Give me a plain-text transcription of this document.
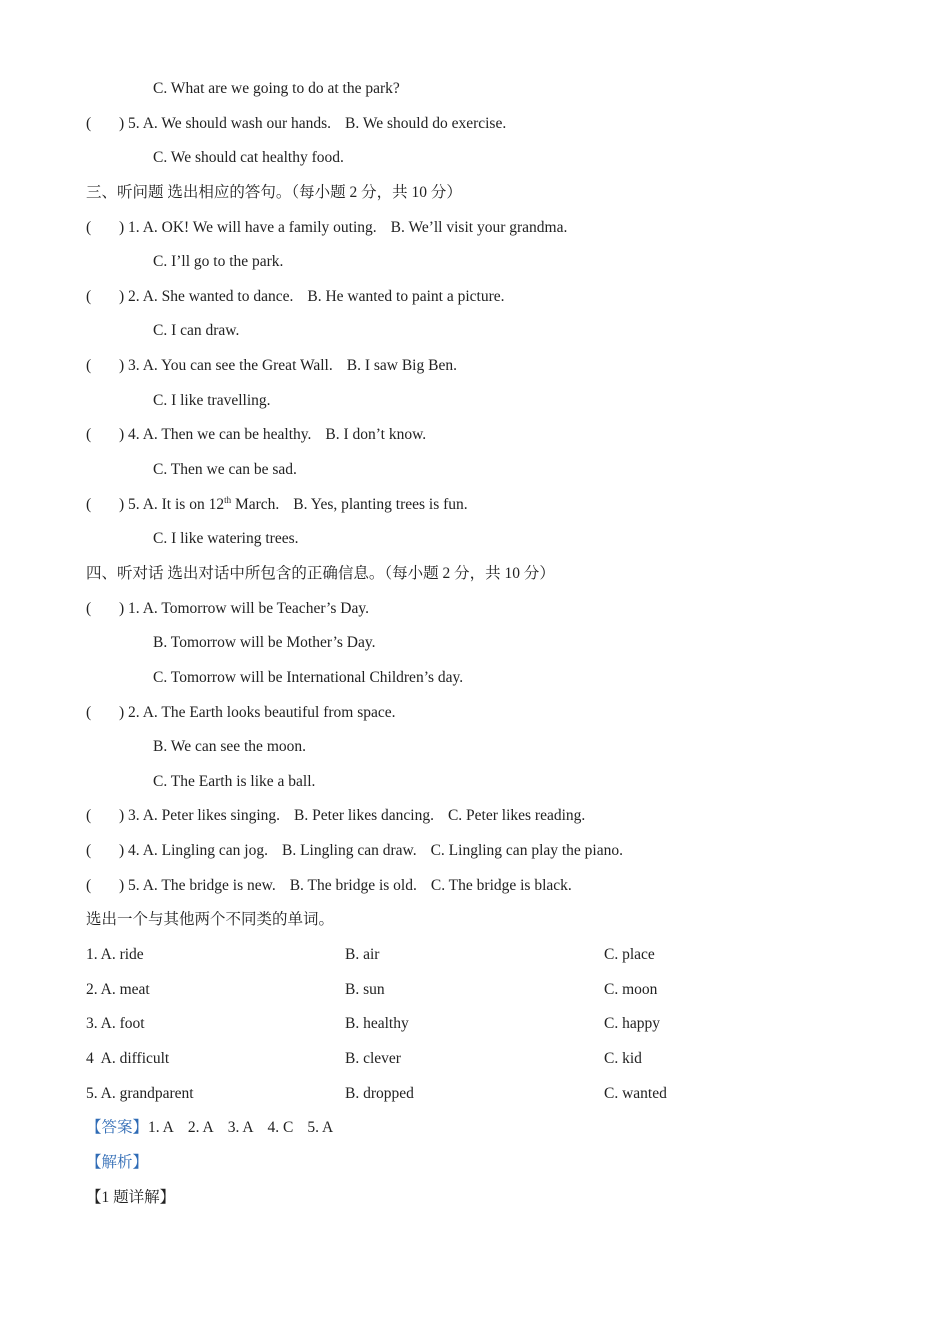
C. What are we going to do at the park?
( ) 5. A. We should wash our hands. B. We should do exercise.
C. We should cat healthy food.
三、听问题 选出相应的答句。（每小题 2 分，共 10 分）
( ) 1. A. OK! We will have a family outing. B. We’ll visit your grandma.
C. I’ll go to the park.
( ) 2. A. She wanted to dance. B. He wanted to paint a picture.
C. I can draw.
( ) 3. A. You can see the Great Wall. B. I saw Big Ben.
C. I like travelling.
( ) 4. A. Then we can be healthy. B. I don’t know.
C. Then we can be sad.
( ) 5. A. It is on 12th March. B. Yes, planting trees is fun.
C. I like watering trees.
四、听对话 选出对话中所包含的正确信息。（每小题 2 分，共 10 分）
( ) 1. A. Tomorrow will be Teacher’s Day.
B. Tomorrow will be Mother’s Day.
C. Tomorrow will be International Children’s day.
( ) 2. A. The Earth looks beautiful from space.
B. We can see the moon.
C. The Earth is like a ball.
( ) 3. A. Peter likes singing. B. Peter likes dancing. C. Peter likes reading.
( ) 4. A. Lingling can jog. B. Lingling can draw. C. Lingling can play the piano.
( ) 5. A. The bridge is new. B. The bridge is old. C. The bridge is black.
选出一个与其他两个不同类的单词。
1. A. ride	B. air	C. place
2. A. meat	B. sun	C. moon
3. A. foot	B. healthy	C. happy
4  A. difficult	B. clever	C. kid
5. A. grandparent	B. dropped	C. wanted
【答案】1. A 2. A 3. A 4. C 5. A
【解析】
【1 题详解】
